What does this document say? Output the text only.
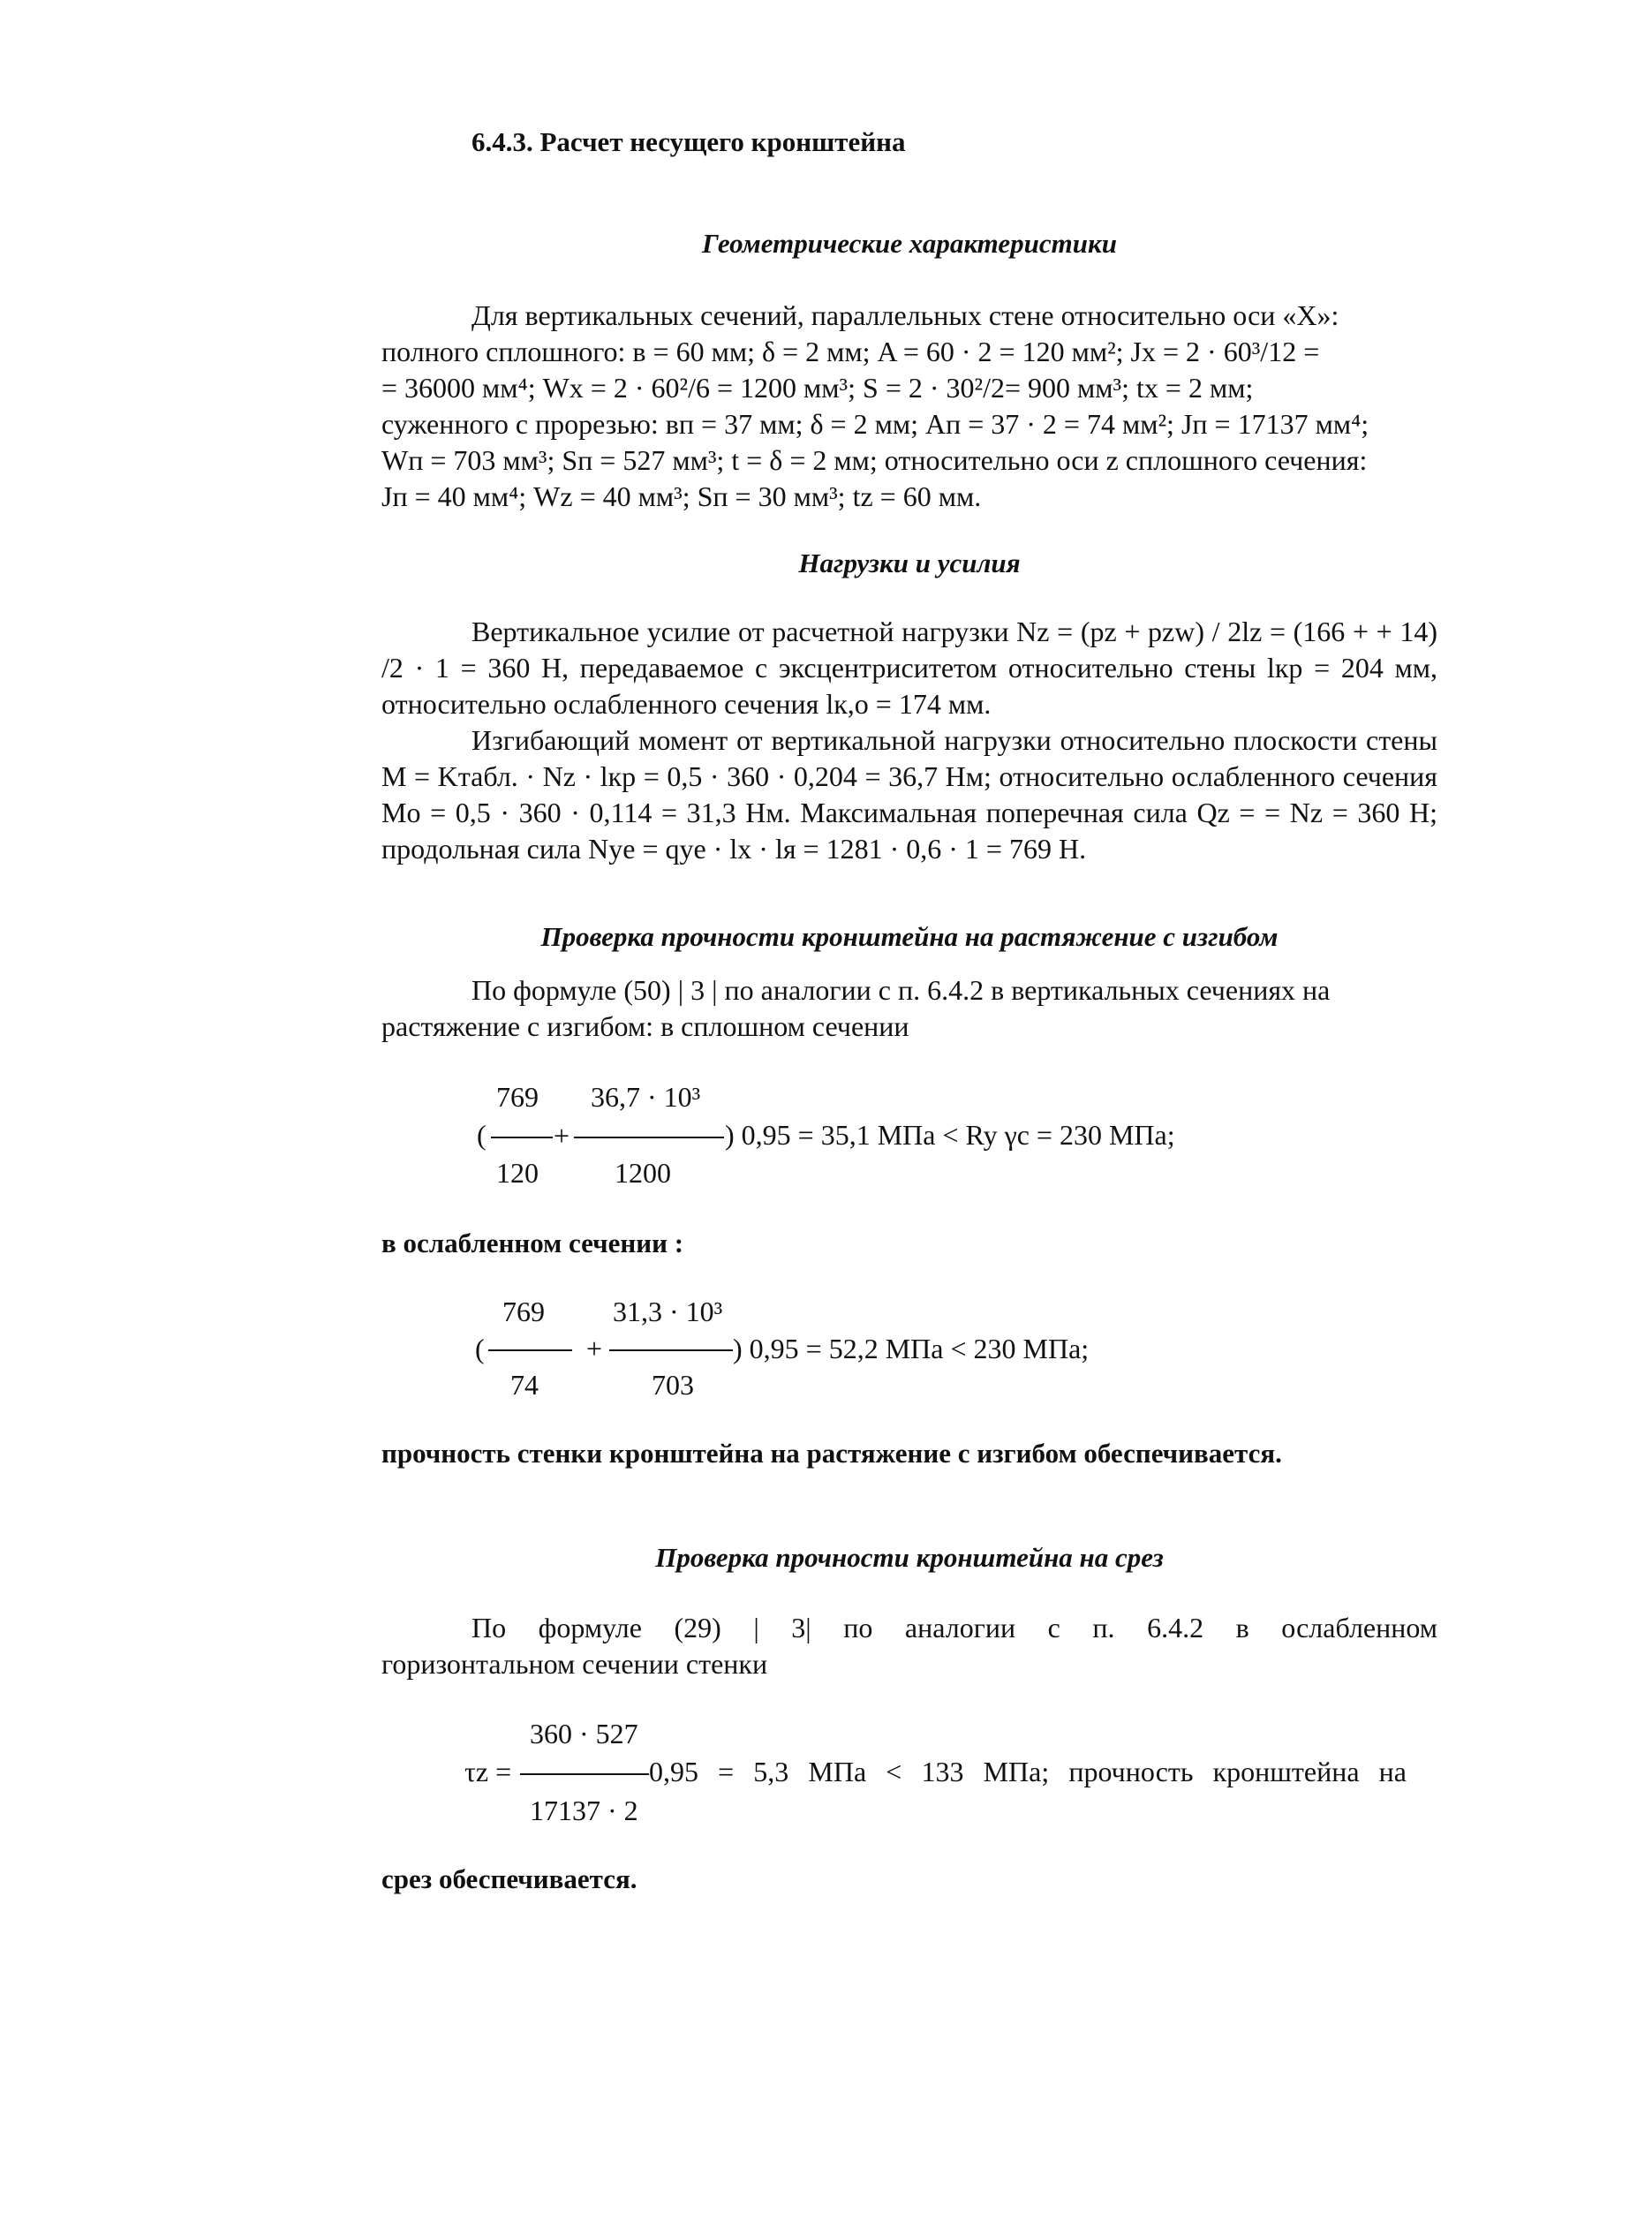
6.4.3. Расчет несущего кронштейна
Геометрические характеристики

Для вертикальных сечений, параллельных стене относительно оси «X»:

полного сплошного: в = 60 мм; δ = 2 мм; A = 60 · 2 = 120 мм²; Jx = 2 · 60³/12 =

= 36000 мм⁴; Wx = 2 · 60²/6 = 1200 мм³; S = 2 · 30²/2= 900 мм³; tx = 2 мм;

суженного с прорезью: вп = 37 мм; δ = 2 мм; Aп = 37 · 2 = 74 мм²; Jп = 17137 мм⁴;

Wп = 703 мм³; Sп = 527 мм³; t = δ = 2 мм; относительно оси z сплошного сечения:

Jп = 40 мм⁴; Wz = 40 мм³; Sп = 30 мм³; tz = 60 мм.

Нагрузки и усилия

Вертикальное усилие от расчетной нагрузки Nz = (pz + pzw) / 2lz = (166 + + 14) /2 · 1 = 360 Н, передаваемое с эксцентриситетом относительно стены lкр = 204 мм, относительно ослабленного сечения lк,о = 174 мм.

Изгибающий момент от вертикальной нагрузки относительно плоскости стены M = Kтабл. · Nz · lкр = 0,5 · 360 · 0,204 = 36,7 Нм; относительно ослабленного сечения Mо = 0,5 · 360 · 0,114 = 31,3 Нм. Максимальная поперечная сила Qz = = Nz = 360 Н; продольная сила Nye = qye · lx · lя = 1281 · 0,6 · 1 = 769 Н.

Проверка прочности кронштейна на растяжение с изгибом

По формуле (50) | 3 | по аналогии с п. 6.4.2 в вертикальных сечениях на

растяжение с изгибом: в сплошном сечении

769 36,7 · 10³
( +	) 0,95 = 35,1 МПа < Ry γc = 230 МПа;
120	1200
в ослабленном сечении :
769 31,3 · 10³
(	+	) 0,95 = 52,2 МПа < 230 МПа;
74	703
прочность стенки кронштейна на растяжение с изгибом обеспечивается.
Проверка прочности кронштейна на срез

По формуле (29) | 3| по аналогии с п. 6.4.2 в ослабленном

горизонтальном сечении стенки

360 · 527
τz =	0,95 = 5,3 МПа < 133 МПа; прочность кронштейна на
17137 · 2
срез обеспечивается.
